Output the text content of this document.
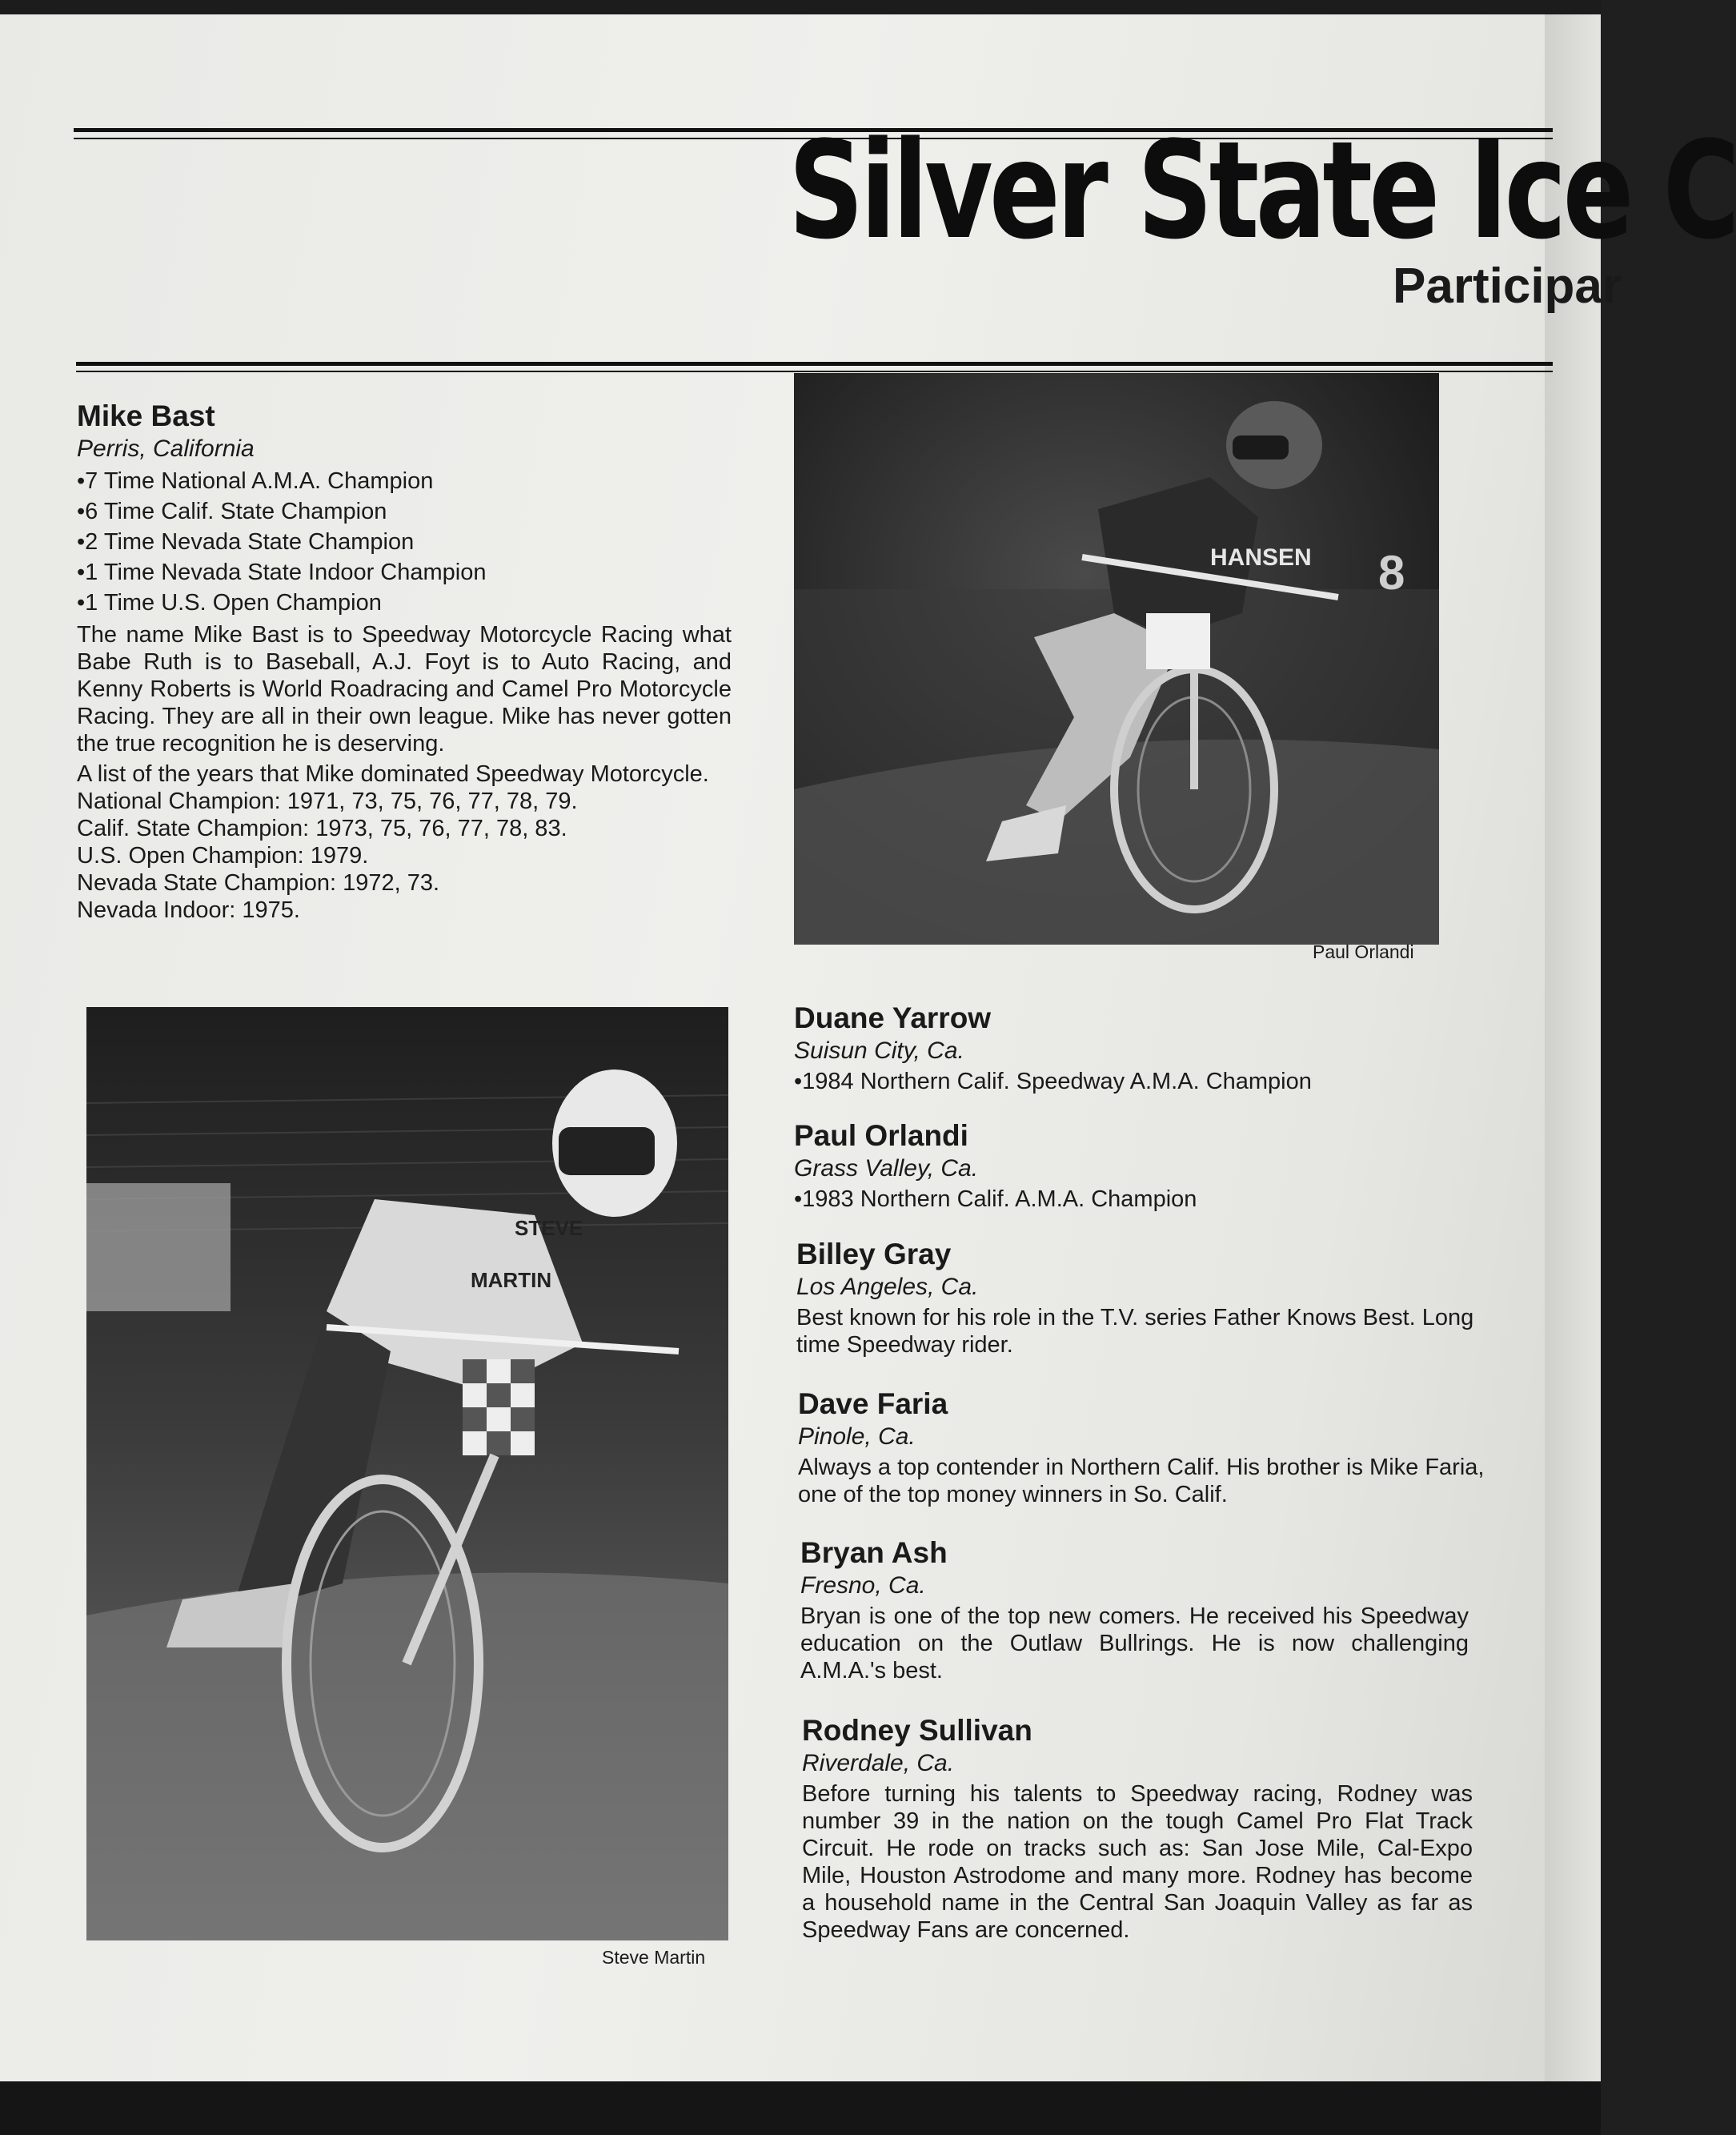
Silver State Ice C
Participar
Mike Bast
Perris, California
• 7 Time National A.M.A. Champion
• 6 Time Calif. State Champion
• 2 Time Nevada State Champion
• 1 Time Nevada State Indoor Champion
• 1 Time U.S. Open Champion
The name Mike Bast is to Speedway Motorcycle Racing what Babe Ruth is to Baseball, A.J. Foyt is to Auto Racing, and Kenny Roberts is World Roadracing and Camel Pro Motorcycle Racing. They are all in their own league. Mike has never gotten the true recognition he is deserving.
A list of the years that Mike dominated Speedway Motorcycle.
National Champion: 1971, 73, 75, 76, 77, 78, 79.
Calif. State Champion: 1973, 75, 76, 77, 78, 83.
U.S. Open Champion: 1979.
Nevada State Champion: 1972, 73.
Nevada Indoor: 1975.
HANSEN 8
Paul Orlandi
STEVE
MARTIN
Steve Martin
Duane Yarrow
Suisun City, Ca.
• 1984 Northern Calif. Speedway A.M.A. Champion
Paul Orlandi
Grass Valley, Ca.
• 1983 Northern Calif. A.M.A. Champion
Billey Gray
Los Angeles, Ca.
Best known for his role in the T.V. series Father Knows Best. Long time Speedway rider.
Dave Faria
Pinole, Ca.
Always a top contender in Northern Calif. His brother is Mike Faria, one of the top money winners in So. Calif.
Bryan Ash
Fresno, Ca.
Bryan is one of the top new comers. He received his Speedway education on the Outlaw Bullrings. He is now challenging A.M.A.'s best.
Rodney Sullivan
Riverdale, Ca.
Before turning his talents to Speedway racing, Rodney was number 39 in the nation on the tough Camel Pro Flat Track Circuit. He rode on tracks such as: San Jose Mile, Cal-Expo Mile, Houston Astrodome and many more. Rodney has become a household name in the Central San Joaquin Valley as far as Speedway Fans are concerned.
